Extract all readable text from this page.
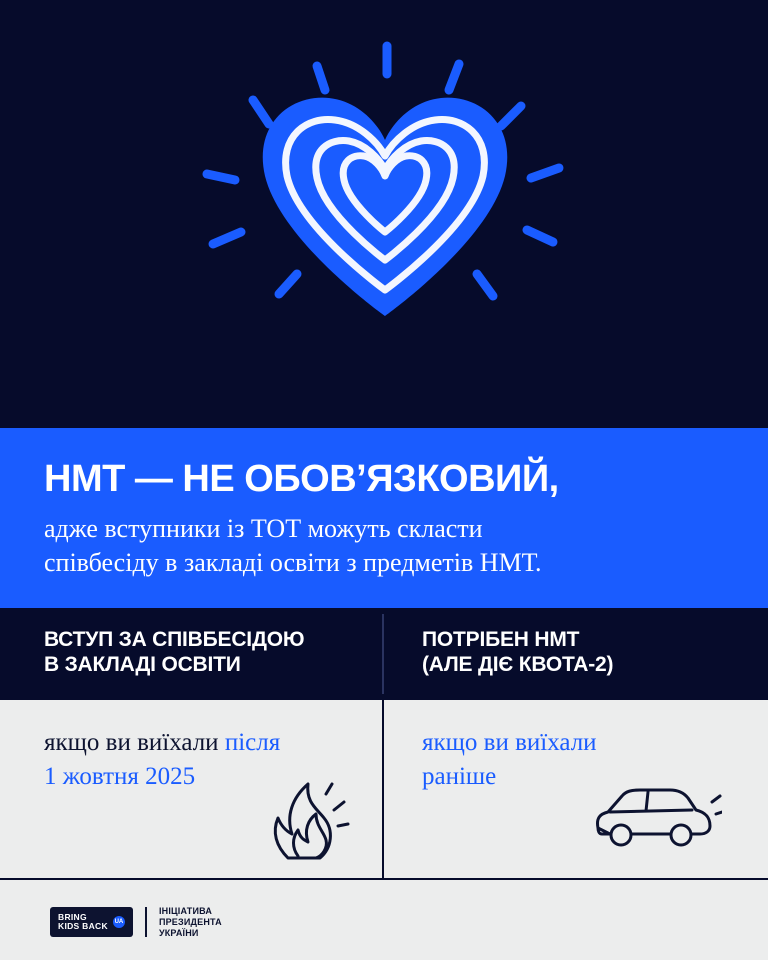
НМТ — НЕ ОБОВ’ЯЗКОВИЙ,
адже вступники із ТОТ можуть скласти
співбесіду в закладі освіти з предметів НМТ.
ВСТУП ЗА СПІВБЕСІДОЮ
В ЗАКЛАДІ ОСВІТИ
ПОТРІБЕН НМТ
(АЛЕ ДІЄ КВОТА-2)
якщо ви виїхали після
1 жовтня 2025
якщо ви виїхали
раніше
BRING
KIDS BACK UA
ІНІЦІАТИВА
ПРЕЗИДЕНТА
УКРАЇНИ
